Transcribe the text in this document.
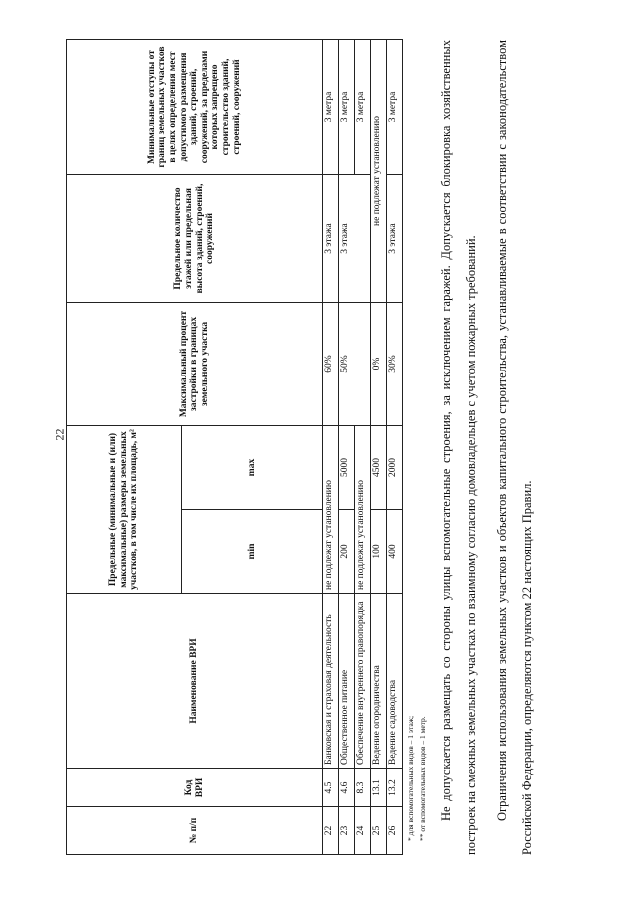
22
№ п/п	Код ВРИ	Наименование ВРИ	Предельные (минимальные и (или) максимальные) размеры земельных участков, в том числе их площадь, м²		Максимальный процент застройки в границах земельного участка	Предельное количество этажей или предельная высота зданий, строений, сооружений	Минимальные отступы от границ земельных участков в целях определения мест допустимого размещения зданий, строений, сооружений, за пределами которых запрещено строительство зданий, строений, сооружений
			min	max			
22	4.5	Банковская и страховая деятельность	не подлежат установлению		60%	3 этажа	3 метра
23	4.6	Общественное питание	200	5000	50%	3 этажа	3 метра
24	8.3	Обеспечение внутреннего правопорядка	не подлежат установлению				3 метра
25	13.1	Ведение огородничества	100	4500	0%	не подлежат установлению	
26	13.2	Ведение садоводства	400	2000	30%	3 этажа	3 метра
* для вспомогательных видов – 1 этаж; ** от вспомогательных видов – 1 метр. Не допускается размещать со стороны улицы вспомогательные строения, за исключением гаражей. Допускается блокировка хозяйственных построек на смежных земельных участках по взаимному согласию домовладельцев с учетом пожарных требований.	Ограничения использования земельных участков и объектов капитального строительства, устанавливаемые в соответствии с законодательством Российской Федерации, определяются пунктом 22 настоящих Правил.
